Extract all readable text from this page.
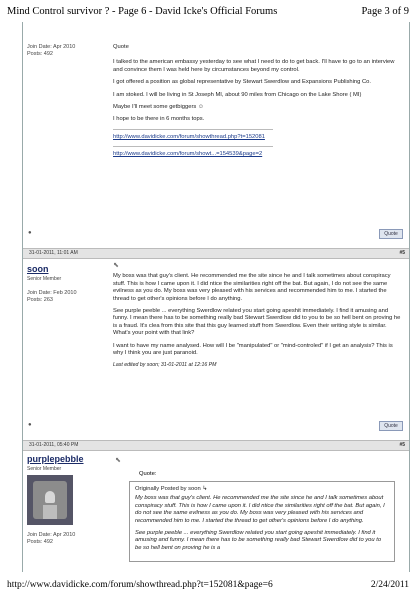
Mind Control survivor ? - Page 6 - David Icke's Official Forums	Page 3 of 9
Join Date: Apr 2010
Posts: 492

Quote

I talked to the american embassy yesterday to see what I need to do to get back. I'll have to go to an interview and convince them I was held here by circumstances beyond my control.

I got offered a position as global representative by Stewart Swerdlow and Expansions Publishing Co.

I am stoked. I will be living in St Joseph MI, about 90 miles from Chicago on the Lake Shore ( MI)

Maybe I'll meet some getbiggers ☺

I hope to be there in 6 months tops.

http://www.davidicke.com/forum/showthread.php?t=152081

http://www.davidicke.com/forum/showt...=154539&page=2

●	Quote
31-01-2011, 11:01 AM	#5
soon
Senior Member
Join Date: Feb 2010
Posts: 263
⬉

My boss was that guy's client. He recommended me the site since he and I talk sometimes about conspiracy stuff. This is how I came upon it. I did ntice the similarities right off the bat. But again, I do not see the same evilness as you do. My boss was very pleased with his services and recommended him to me. I started the thread to get other's opinions before I do anything.

See purple peeble ... everything Swerdlow related you start going apeshit immediately. I find it amusing and funny. I mean there has to be something really bad Stewart Swerdlow did to you to be so hell bent on proving he is a fraud. It's clea from this site that this guy learned stuff from Swerdlow. Even their writing style is similar. What's your point with that link?

I want to have my name analysed. How will I be "manipulated" or "mind-controled" if I get an analysis? This is why I think you are just paranoid.

Last edited by soon; 31-01-2011 at 12:16 PM

●	Quote
31-01-2011, 05:40 PM	#5
purplepebble
Senior Member
Join Date: Apr 2010
Posts: 492
⬉
Quote:

Originally Posted by soon ↳

My boss was that guy's client. He recommended me the site since he and I talk sometimes about conspiracy stuff. This is how I came upon it. I did ntice the similarities right off the bat. But again, I do not see the same evilness as you do. My boss was very pleased with his services and recommended him to me. I started the thread to get other's opinions before I do anything.

See purple peeble ... everything Swerdlow related you start going apeshit immediately. I find it amusing and funny. I mean there has to be something really bad Stewart Swerdlow did to you to be so hell bent on proving he is a

http://www.davidicke.com/forum/showthread.php?t=152081&page=6	2/24/2011
